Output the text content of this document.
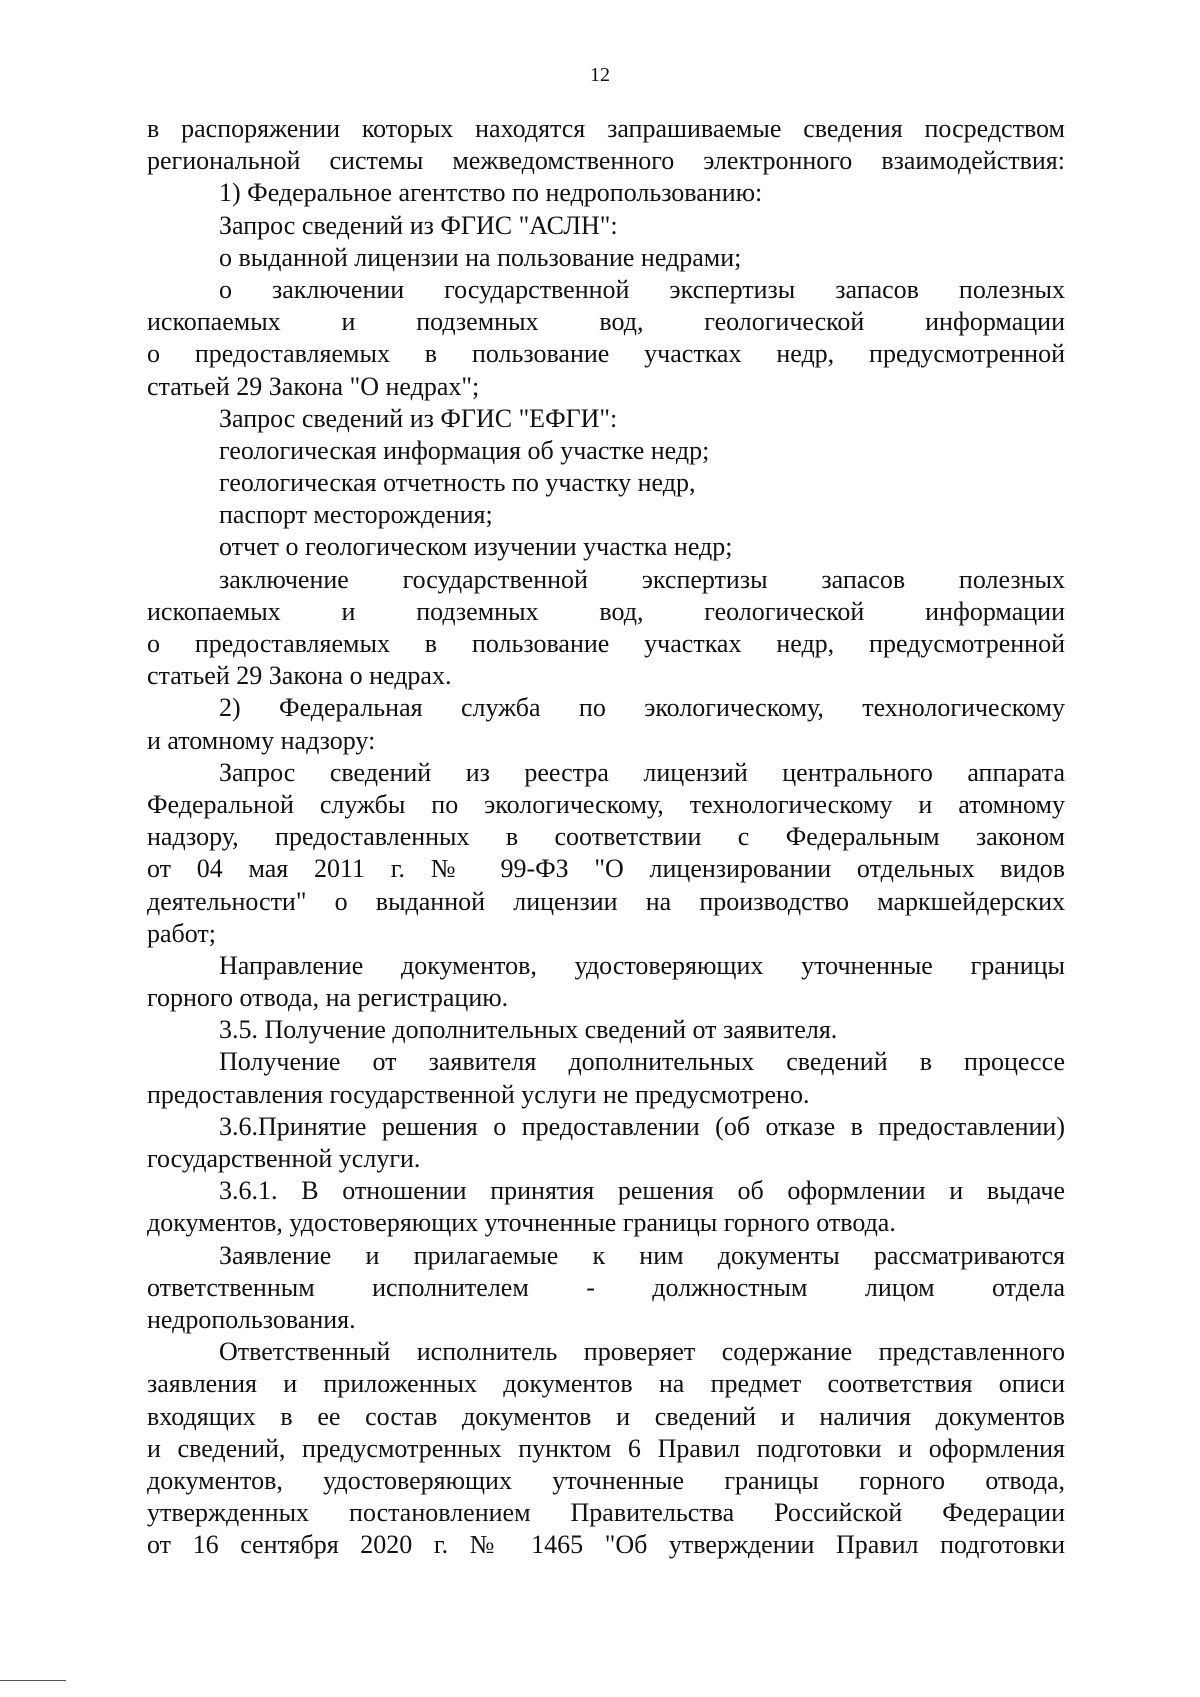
12
в распоряжении которых находятся запрашиваемые сведения посредством
региональной системы межведомственного электронного взаимодействия:
1) Федеральное агентство по недропользованию:
Запрос сведений из ФГИС "АСЛН":
о выданной лицензии на пользование недрами;
о заключении государственной экспертизы запасов полезных
ископаемых и подземных вод, геологической информации
о предоставляемых в пользование участках недр, предусмотренной
статьей 29 Закона "О недрах";
Запрос сведений из ФГИС "ЕФГИ":
геологическая информация об участке недр;
геологическая отчетность по участку недр,
паспорт месторождения;
отчет о геологическом изучении участка недр;
заключение государственной экспертизы запасов полезных
ископаемых и подземных вод, геологической информации
о предоставляемых в пользование участках недр, предусмотренной
статьей 29 Закона о недрах.
2) Федеральная служба по экологическому, технологическому
и атомному надзору:
Запрос сведений из реестра лицензий центрального аппарата
Федеральной службы по экологическому, технологическому и атомному
надзору, предоставленных в соответствии с Федеральным законом
от 04 мая 2011 г. № 99-ФЗ "О лицензировании отдельных видов
деятельности" о выданной лицензии на производство маркшейдерских
работ;
Направление документов, удостоверяющих уточненные границы
горного отвода, на регистрацию.
3.5. Получение дополнительных сведений от заявителя.
Получение от заявителя дополнительных сведений в процессе
предоставления государственной услуги не предусмотрено.
3.6.Принятие решения о предоставлении (об отказе в предоставлении)
государственной услуги.
3.6.1. В отношении принятия решения об оформлении и выдаче
документов, удостоверяющих уточненные границы горного отвода.
Заявление и прилагаемые к ним документы рассматриваются
ответственным исполнителем - должностным лицом отдела
недропользования.
Ответственный исполнитель проверяет содержание представленного
заявления и приложенных документов на предмет соответствия описи
входящих в ее состав документов и сведений и наличия документов
и сведений, предусмотренных пунктом 6 Правил подготовки и оформления
документов, удостоверяющих уточненные границы горного отвода,
утвержденных постановлением Правительства Российской Федерации
от 16 сентября 2020 г. № 1465 "Об утверждении Правил подготовки
